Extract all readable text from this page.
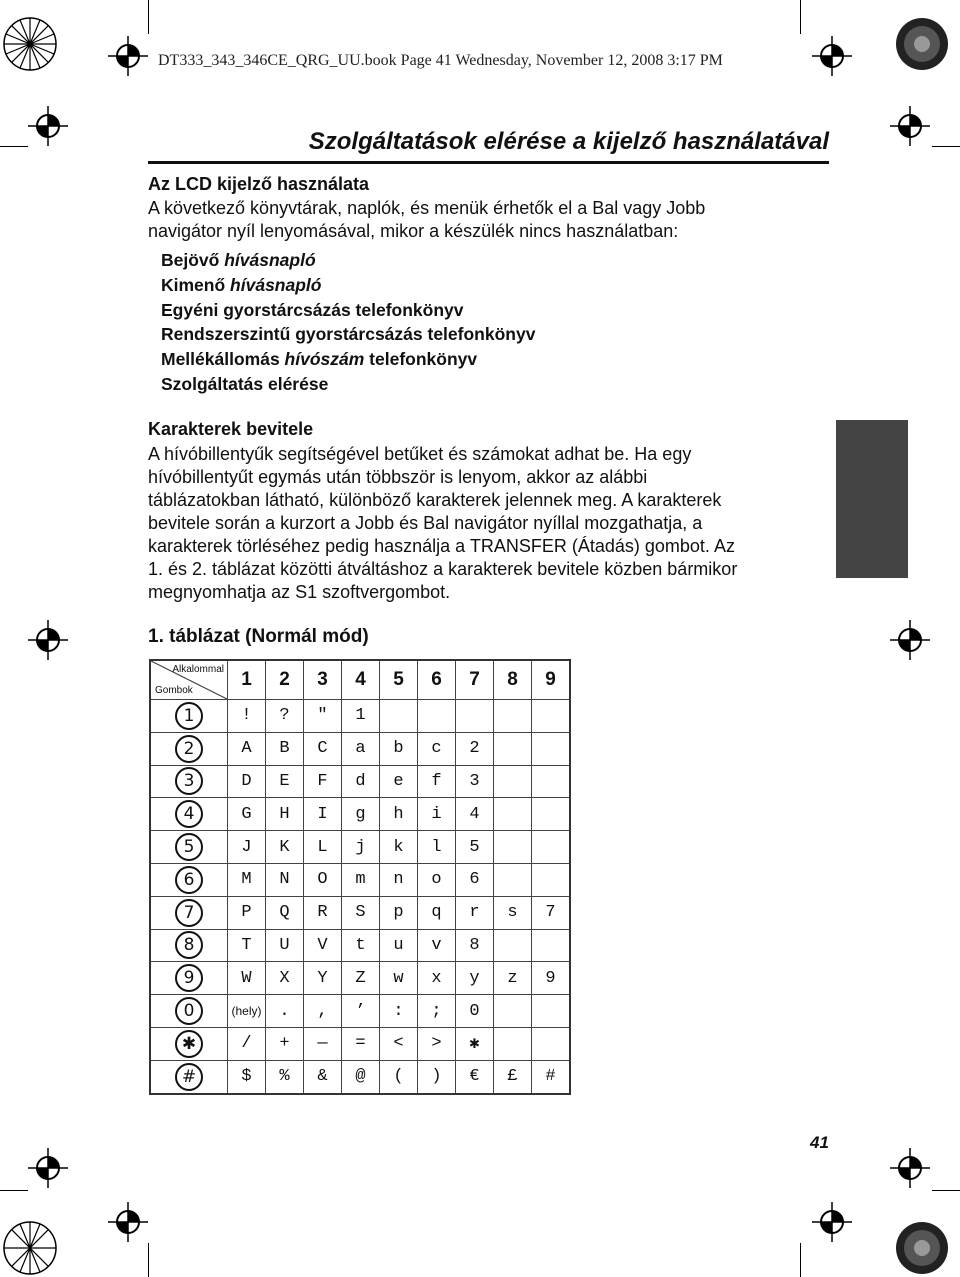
DT333_343_346CE_QRG_UU.book Page 41 Wednesday, November 12, 2008 3:17 PM
Szolgáltatások elérése a kijelző használatával
Az LCD kijelző használata
A következő könyvtárak, naplók, és menük érhetők el a Bal vagy Jobb
navigátor nyíl lenyomásával, mikor a készülék nincs használatban:
Bejövő hívásnapló
Kimenő hívásnapló
Egyéni gyorstárcsázás telefonkönyv
Rendszerszintű gyorstárcsázás telefonkönyv
Mellékállomás hívószám telefonkönyv
Szolgáltatás elérése
Karakterek bevitele
A hívóbillentyűk segítségével betűket és számokat adhat be. Ha egy
hívóbillentyűt egymás után többször is lenyom, akkor az alábbi
táblázatokban látható, különböző karakterek jelennek meg. A karakterek
bevitele során a kurzort a Jobb és Bal navigátor nyíllal mozgathatja, a
karakterek törléséhez pedig használja a TRANSFER (Átadás) gombot. Az
1. és 2. táblázat közötti átváltáshoz a karakterek bevitele közben bármikor
megnyomhatja az S1 szoftvergombot.
1. táblázat (Normál mód)
Alkalommal
Gombok	1	2	3	4	5	6	7	8	9
1	!	?	"	1					
2	A	B	C	a	b	c	2		
3	D	E	F	d	e	f	3		
4	G	H	I	g	h	i	4		
5	J	K	L	j	k	l	5		
6	M	N	O	m	n	o	6		
7	P	Q	R	S	p	q	r	s	7
8	T	U	V	t	u	v	8		
9	W	X	Y	Z	w	x	y	z	9
0	(hely)	.	,	’	:	;	0		
✱	/	+	—	=	<	>	✱		
#	$	%	&	@	(	)	€	£	#
41
